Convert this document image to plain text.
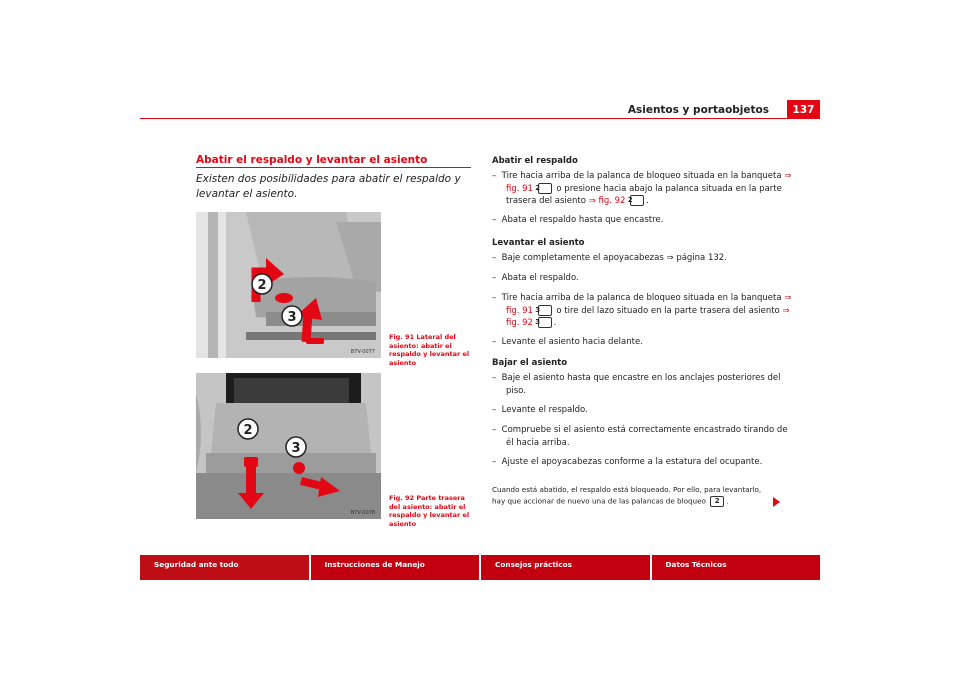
Asientos y portaobjetos	137
Abatir el respaldo y levantar el asiento
Existen dos posibilidades para abatir el respaldo y levantar el asiento.
2
3
B7V-0077
Fig. 91 Lateral del asiento: abatir el respaldo y levantar el asiento
2
3
B7V-0078
Fig. 92 Parte trasera del asiento: abatir el respaldo y levantar el asiento
Abatir el respaldo
– Tire hacia arriba de la palanca de bloqueo situada en la banqueta ⇒ fig. 91 2 o presione hacia abajo la palanca situada en la parte trasera del asiento ⇒ fig. 92 2 .
– Abata el respaldo hasta que encastre.
Levantar el asiento
– Baje completamente el apoyacabezas ⇒ página 132.
– Abata el respaldo.
– Tire hacia arriba de la palanca de bloqueo situada en la banqueta ⇒ fig. 91 3 o tire del lazo situado en la parte trasera del asiento ⇒ fig. 92 3 .
– Levante el asiento hacia delante.
Bajar el asiento
– Baje el asiento hasta que encastre en los anclajes posteriores del piso.
– Levante el respaldo.
– Compruebe si el asiento está correctamente encastrado tirando de él hacia arriba.
– Ajuste el apoyacabezas conforme a la estatura del ocupante.
Cuando está abatido, el respaldo está bloqueado. Por ello, para levantarlo, hay que accionar de nuevo una de las palancas de bloqueo 2 .
Seguridad ante todo	Instrucciones de Manejo	Consejos prácticos	Datos Técnicos
